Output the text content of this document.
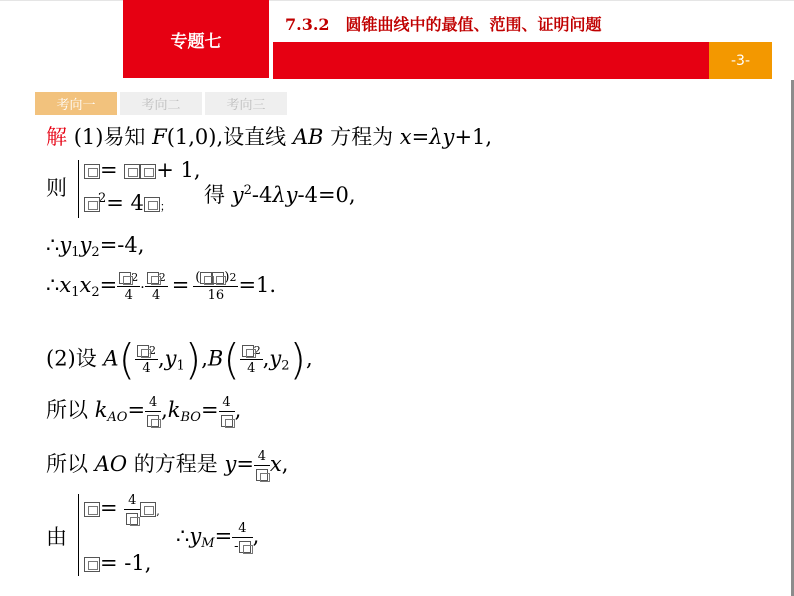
专题七
-3-
7.3.2　圆锥曲线中的最值、范围、证明问题
考向一	考向二	考向三
解 (1)易知 F(1,0),设直线 AB 方程为 x=λy+1,
则
= + 1,
$^2$= 4 ； 得 $y^2-4\lambda y-4=0$,
$\therefore y_1y_2=-4$,
$\therefore x_1x_2= \frac{2}{4} \cdot \frac{2}{4} = \frac{( )2}{16} =1$.
(2)设 $A( \frac{2}{4} ,y_1),B( \frac{2}{4} ,y_2)$,
所以 $k_{AO}= 4$ $,k_{BO}= 4$ ,
所以 AO 的方程是 y= 4 x,
由
= 4
,
= -1,
$\therefore y_M= \frac{4}{-}$ ,
